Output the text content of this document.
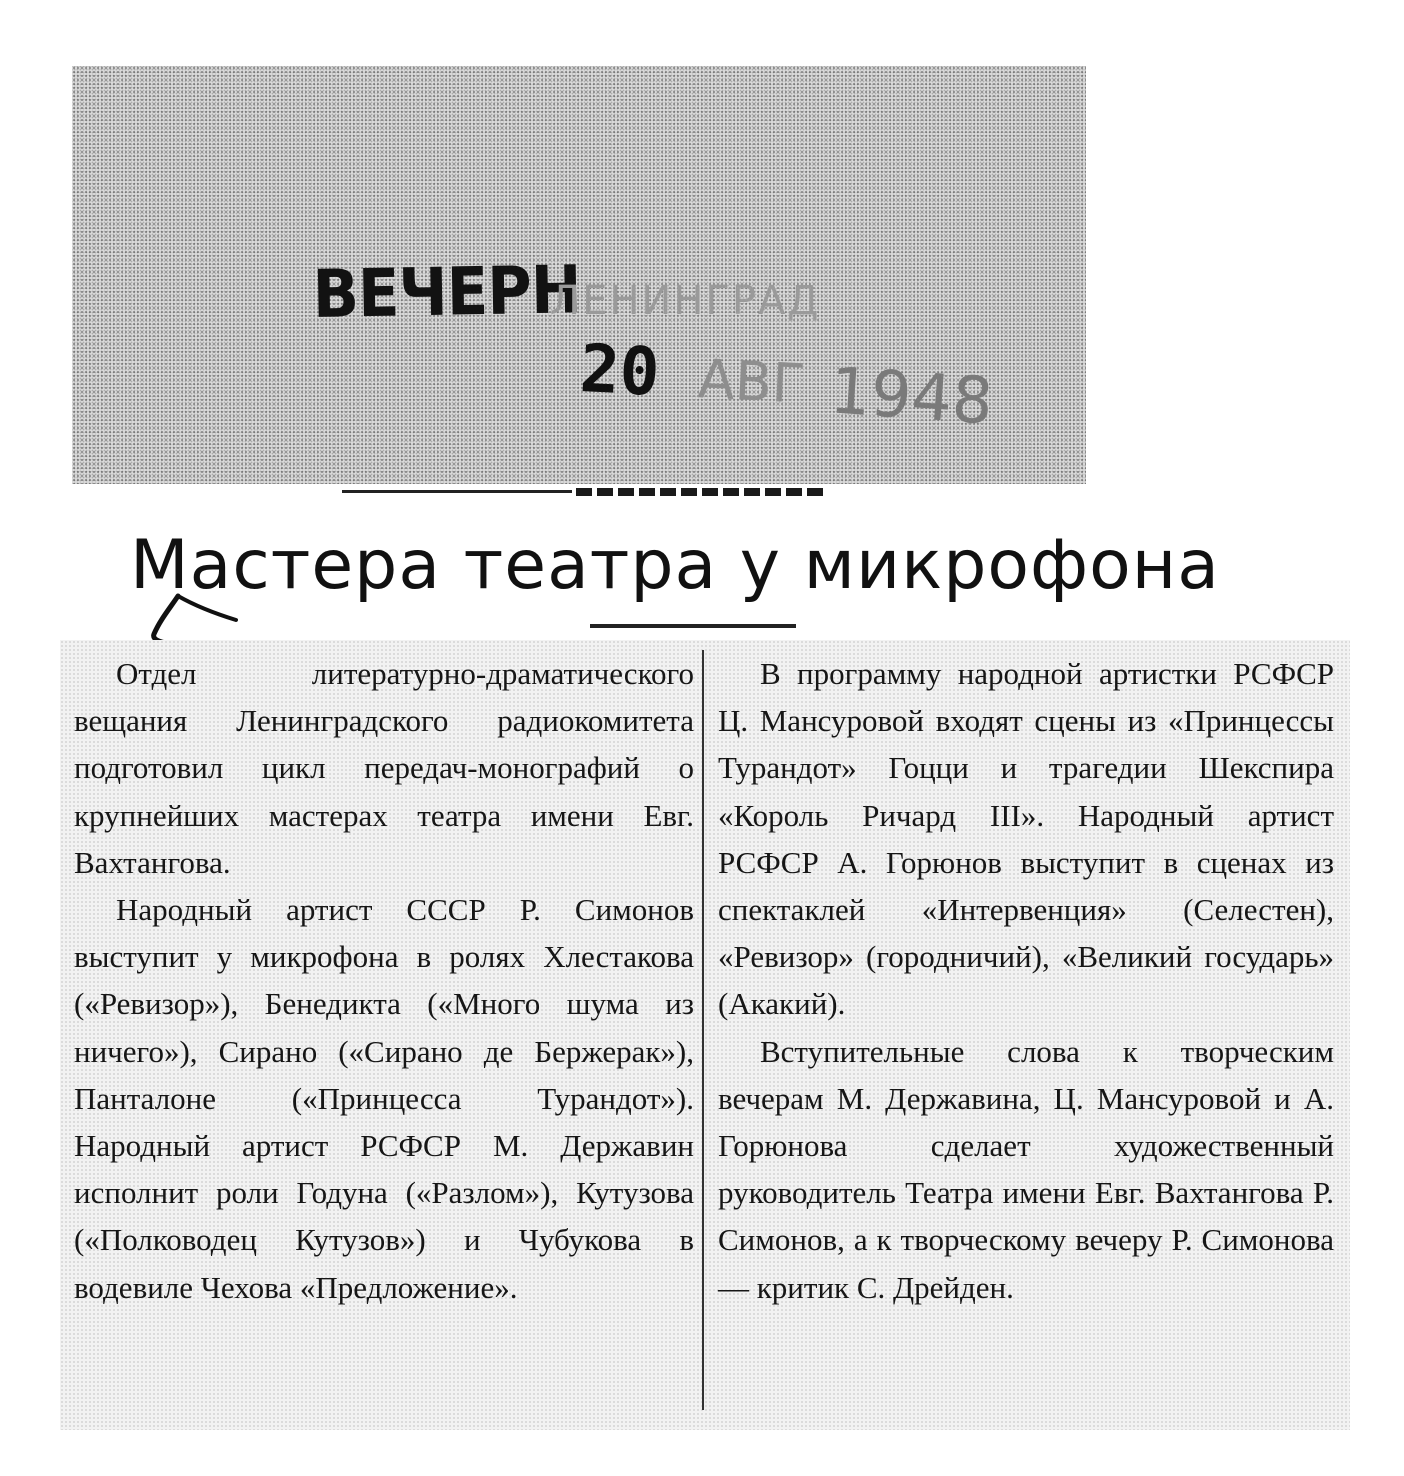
ВЕЧЕРН
ЛЕНИНГРАД
20 АВГ 1948
Мастера театра у микрофона

Отдел литературно-драматического вещания Ленинградского радиокомитета подготовил цикл передач-монографий о крупнейших мастерах театра имени Евг. Вахтангова.

Народный артист СССР Р. Симонов выступит у микрофона в ролях Хлестакова («Ревизор»), Бенедикта («Много шума из ничего»), Сирано («Сирано де Бержерак»), Панталоне («Принцесса Турандот»). Народный артист РСФСР М. Державин исполнит роли Годуна («Разлом»), Кутузова («Полководец Кутузов») и Чубукова в водевиле Чехова «Предложение».

В программу народной артистки РСФСР Ц. Мансуровой входят сцены из «Принцессы Турандот» Гоцци и трагедии Шекспира «Король Ричард III». Народный артист РСФСР А. Горюнов выступит в сценах из спектаклей «Интервенция» (Селестен), «Ревизор» (городничий), «Великий государь» (Акакий).

Вступительные слова к творческим вечерам М. Державина, Ц. Мансуровой и А. Горюнова сделает художественный руководитель Театра имени Евг. Вахтангова Р. Симонов, а к творческому вечеру Р. Симонова — критик С. Дрейден.
